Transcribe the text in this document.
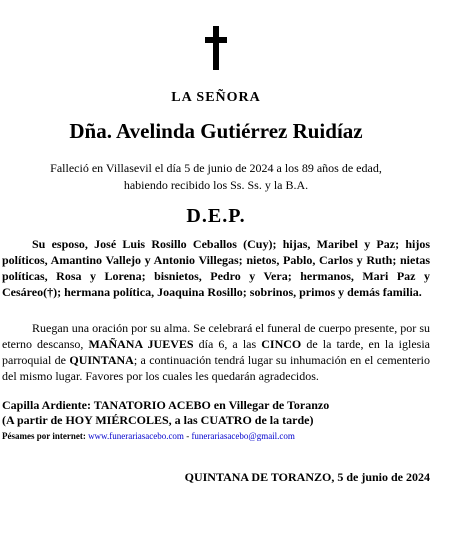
LA SEÑORA
Dña. Avelinda Gutiérrez Ruidíaz
Falleció en Villasevil el día 5 de junio de 2024 a los 89 años de edad,
habiendo recibido los Ss. Ss. y la B.A.
D.E.P.
Su esposo, José Luis Rosillo Ceballos (Cuy); hijas, Maribel y Paz; hijos políticos, Amantino Vallejo y Antonio Villegas; nietos, Pablo, Carlos y Ruth; nietas políticas, Rosa y Lorena; bisnietos, Pedro y Vera; hermanos, Mari Paz y Cesáreo(†); hermana política, Joaquina Rosillo; sobrinos, primos y demás familia.
Ruegan una oración por su alma. Se celebrará el funeral de cuerpo presente, por su eterno descanso, MAÑANA JUEVES día 6, a las CINCO de la tarde, en la iglesia parroquial de QUINTANA; a continuación tendrá lugar su inhumación en el cementerio del mismo lugar. Favores por los cuales les quedarán agradecidos.
Capilla Ardiente: TANATORIO ACEBO en Villegar de Toranzo
(A partir de HOY MIÉRCOLES, a las CUATRO de la tarde)
Pésames por internet: www.funerariasacebo.com - funerariasacebo@gmail.com
QUINTANA DE TORANZO, 5 de junio de 2024
